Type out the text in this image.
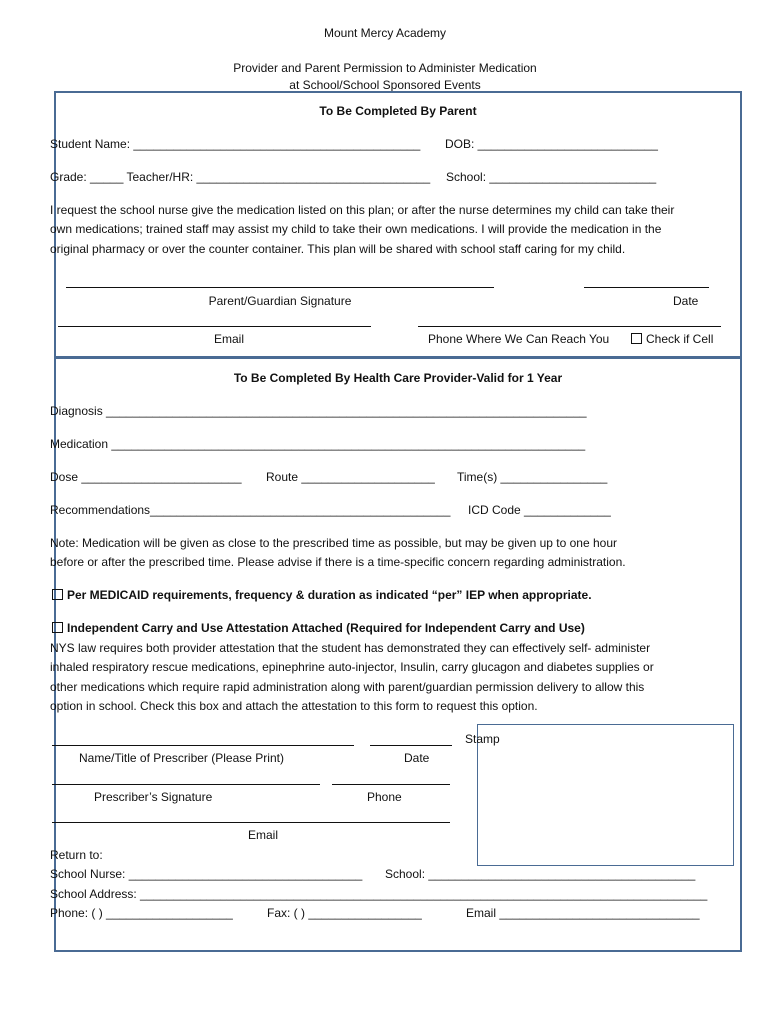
Mount Mercy Academy
Provider and Parent Permission to Administer Medication
at School/School Sponsored Events
To Be Completed By Parent
Student Name: ___________________________________________ DOB: ___________________________
Grade: _____ Teacher/HR: ___________________________________ School: _________________________
I request the school nurse give the medication listed on this plan; or after the nurse determines my child can take their
own medications; trained staff may assist my child to take their own medications. I will provide the medication in the
original pharmacy or over the counter container. This plan will be shared with school staff caring for my child.
Parent/Guardian Signature	Date
Email	Phone Where We Can Reach You	Check if Cell
To Be Completed By Health Care Provider-Valid for 1 Year
Diagnosis ________________________________________________________________________
Medication _______________________________________________________________________
Dose ________________________ Route ____________________ Time(s) ________________
Recommendations_____________________________________________ ICD Code _____________
Note: Medication will be given as close to the prescribed time as possible, but may be given up to one hour
before or after the prescribed time. Please advise if there is a time-specific concern regarding administration.
Per MEDICAID requirements, frequency & duration as indicated “per” IEP when appropriate.
Independent Carry and Use Attestation Attached (Required for Independent Carry and Use)
NYS law requires both provider attestation that the student has demonstrated they can effectively self- administer
inhaled respiratory rescue medications, epinephrine auto-injector, Insulin, carry glucagon and diabetes supplies or
other medications which require rapid administration along with parent/guardian permission delivery to allow this
option in school. Check this box and attach the attestation to this form to request this option.
Stamp
Name/Title of Prescriber (Please Print)	Date
Prescriber’s Signature	Phone
Email
Return to:
School Nurse: ___________________________________ School: ________________________________________
School Address: _____________________________________________________________________________________
Phone: ( ) ___________________	Fax: ( ) _________________	Email ______________________________
